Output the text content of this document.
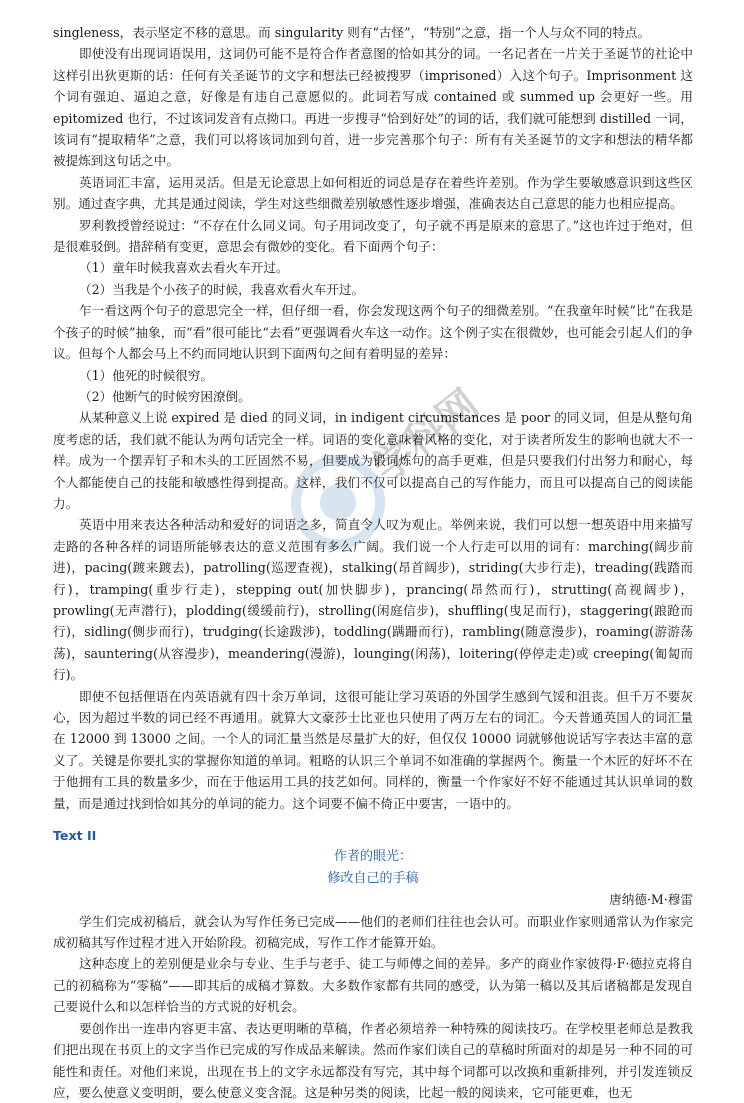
singleness，表示坚定不移的意思。而 singularity 则有“古怪”，“特别”之意，指一个人与众不同的特点。

即使没有出现词语误用，这词仍可能不是符合作者意图的恰如其分的词。一名记者在一片关于圣诞节的社论中这样引出狄更斯的话：任何有关圣诞节的文字和想法已经被搜罗（imprisoned）入这个句子。Imprisonment 这个词有强迫、逼迫之意，好像是有违自己意愿似的。此词若写成 contained 或 summed up 会更好一些。用 epitomized 也行，不过该词发音有点拗口。再进一步搜寻“恰到好处”的词的话，我们就可能想到 distilled 一词，该词有“提取精华”之意，我们可以将该词加到句首，进一步完善那个句子：所有有关圣诞节的文字和想法的精华都被提炼到这句话之中。

英语词汇丰富，运用灵活。但是无论意思上如何相近的词总是存在着些许差别。作为学生要敏感意识到这些区别。通过查字典，尤其是通过阅读，学生对这些细微差别敏感性逐步增强，准确表达自己意思的能力也相应提高。

罗利教授曾经说过：“不存在什么同义词。句子用词改变了，句子就不再是原来的意思了。”这也许过于绝对，但是很难驳倒。措辞稍有变更，意思会有微妙的变化。看下面两个句子：

（1）童年时候我喜欢去看火车开过。

（2）当我是个小孩子的时候，我喜欢看火车开过。

乍一看这两个句子的意思完全一样，但仔细一看，你会发现这两个句子的细微差别。“在我童年时候”比“在我是个孩子的时候”抽象，而“看”很可能比“去看”更强调看火车这一动作。这个例子实在很微妙，也可能会引起人们的争议。但每个人都会马上不约而同地认识到下面两句之间有着明显的差异：

（1）他死的时候很穷。

（2）他断气的时候穷困潦倒。

从某种意义上说 expired 是 died 的同义词，in indigent circumstances 是 poor 的同义词，但是从整句角度考虑的话，我们就不能认为两句话完全一样。词语的变化意味着风格的变化，对于读者所发生的影响也就大不一样。成为一个摆弄钉子和木头的工匠固然不易，但要成为锻词炼句的高手更难，但是只要我们付出努力和耐心，每个人都能使自己的技能和敏感性得到提高。这样，我们不仅可以提高自己的写作能力，而且可以提高自己的阅读能力。

英语中用来表达各种活动和爱好的词语之多，简直令人叹为观止。举例来说，我们可以想一想英语中用来描写走路的各种各样的词语所能够表达的意义范围有多么广阔。我们说一个人行走可以用的词有：marching(阔步前进)，pacing(踱来踱去)，patrolling(巡逻查视)，stalking(昂首阔步)，striding(大步行走)，treading(践踏而行)，tramping(重步行走)，stepping out(加快脚步)，prancing(昂然而行)，strutting(高视阔步)，prowling(无声潜行)，plodding(缓缓前行)，strolling(闲庭信步)，shuffling(曳足而行)，staggering(踉跄而行)，sidling(侧步而行)，trudging(长途跋涉)，toddling(蹒跚而行)，rambling(随意漫步)，roaming(游游荡荡)，sauntering(从容漫步)，meandering(漫游)，lounging(闲荡)，loitering(停停走走)或 creeping(匍匐而行)。

即使不包括俚语在内英语就有四十余万单词，这很可能让学习英语的外国学生感到气馁和沮丧。但千万不要灰心，因为超过半数的词已经不再通用。就算大文豪莎士比亚也只使用了两万左右的词汇。今天普通英国人的词汇量在 12000 到 13000 之间。一个人的词汇量当然是尽量扩大的好，但仅仅 10000 词就够他说话写字表达丰富的意义了。关键是你要扎实的掌握你知道的单词。粗略的认识三个单词不如准确的掌握两个。衡量一个木匠的好坏不在于他拥有工具的数量多少，而在于他运用工具的技艺如何。同样的，衡量一个作家好不好不能通过其认识单词的数量，而是通过找到恰如其分的单词的能力。这个词要不偏不倚正中要害，一语中的。

Text II

作者的眼光：

修改自己的手稿

唐纳德·M·穆雷

学生们完成初稿后，就会认为写作任务已完成——他们的老师们往往也会认可。而职业作家则通常认为作家完成初稿其写作过程才进入开始阶段。初稿完成，写作工作才能算开始。

这种态度上的差别便是业余与专业、生手与老手、徒工与师傅之间的差异。多产的商业作家彼得·F·德拉克将自己的初稿称为“零稿”——即其后的成稿才算数。大多数作家都有共同的感受，认为第一稿以及其后诸稿都是发现自己要说什么和以怎样恰当的方式说的好机会。

要创作出一连串内容更丰富、表达更明晰的草稿，作者必须培养一种特殊的阅读技巧。在学校里老师总是教我们把出现在书页上的文字当作已完成的写作成品来解读。然而作家们读自己的草稿时所面对的却是另一种不同的可能性和责任。对他们来说，出现在书上的文字永远都没有写完，其中每个词都可以改换和重新排列，并引发连锁反应，要么使意义变明朗，要么使意义变含混。这是种另类的阅读，比起一般的阅读来，它可能更难，也无

学科网
